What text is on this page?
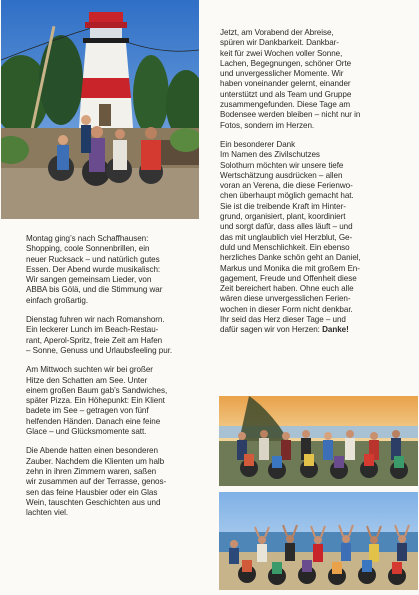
Montag ging’s nach Schaffhausen:
Shopping, coole Sonnenbrillen, ein
neuer Rucksack – und natürlich gutes
Essen. Der Abend wurde musikalisch:
Wir sangen gemeinsam Lieder, von
ABBA bis Gölä, und die Stimmung war
einfach großartig.

Dienstag fuhren wir nach Romanshorn.
Ein leckerer Lunch im Beach-Restau-
rant, Aperol-Spritz, freie Zeit am Hafen
– Sonne, Genuss und Urlaubsfeeling pur.

Am Mittwoch suchten wir bei großer
Hitze den Schatten am See. Unter
einem großen Baum gab’s Sandwiches,
später Pizza. Ein Höhepunkt: Ein Klient
badete im See – getragen von fünf
helfenden Händen. Danach eine feine
Glace – und Glücksmomente satt.

Die Abende hatten einen besonderen
Zauber. Nachdem die Klienten um halb
zehn in ihren Zimmern waren, saßen
wir zusammen auf der Terrasse, genos-
sen das feine Hausbier oder ein Glas
Wein, tauschten Geschichten aus und
lachten viel.

Jetzt, am Vorabend der Abreise,
spüren wir Dankbarkeit. Dankbar-
keit für zwei Wochen voller Sonne,
Lachen, Begegnungen, schöner Orte
und unvergesslicher Momente. Wir
haben voneinander gelernt, einander
unterstützt und als Team und Gruppe
zusammengefunden. Diese Tage am
Bodensee werden bleiben – nicht nur in
Fotos, sondern im Herzen.

Ein besonderer Dank
Im Namen des Zivilschutzes
Solothurn möchten wir unsere tiefe
Wertschätzung ausdrücken – allen
voran an Verena, die diese Ferienwo-
chen überhaupt möglich gemacht hat.
Sie ist die treibende Kraft im Hinter-
grund, organisiert, plant, koordiniert
und sorgt dafür, dass alles läuft – und
das mit unglaublich viel Herzblut, Ge-
duld und Menschlichkeit. Ein ebenso
herzliches Danke schön geht an Daniel,
Markus und Monika die mit großem En-
gagement, Freude und Offenheit diese
Zeit bereichert haben. Ohne euch alle
wären diese unvergesslichen Ferien-
wochen in dieser Form nicht denkbar.
Ihr seid das Herz dieser Tage – und
dafür sagen wir von Herzen: Danke!
